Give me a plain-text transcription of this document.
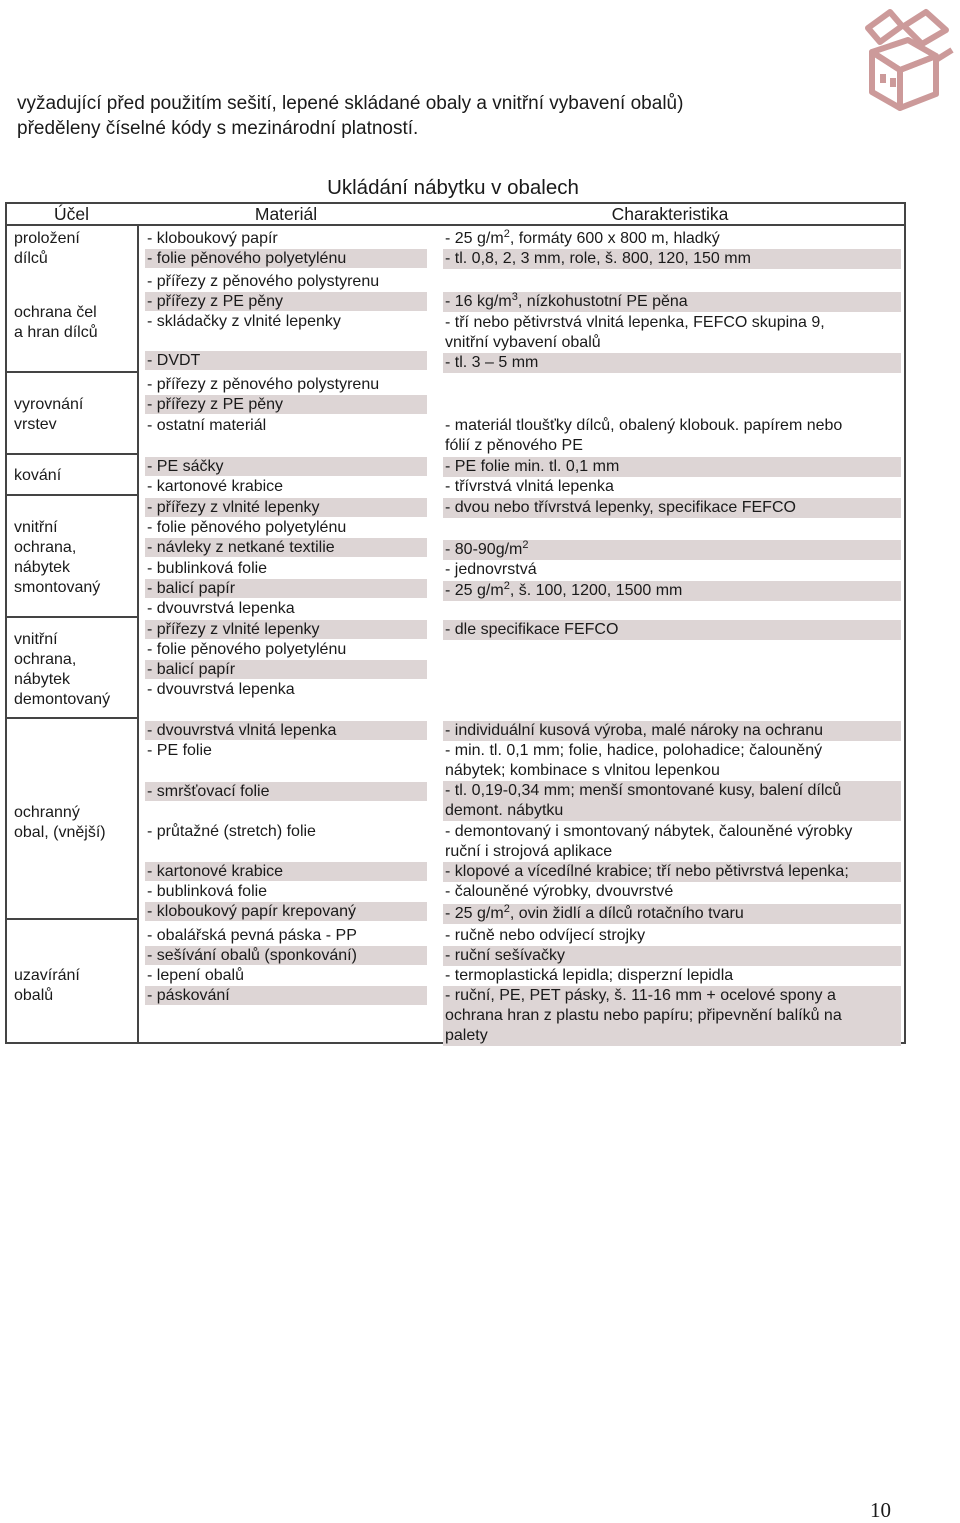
vyžadující před použitím sešití, lepené skládané obaly a vnitřní vybavení obalů)
předěleny číselné kódy s mezinárodní platností.
Ukládání nábytku v obalech
Účel	Materiál	Charakteristika
proložení
dílců
ochrana čel
a hran dílců
vyrovnání
vrstev
kování
vnitřní
ochrana,
nábytek
smontovaný
vnitřní
ochrana,
nábytek
demontovaný
ochranný
obal, (vnější)
uzavírání
obalů
- kloboukový papír
- folie pěnového polyetylénu
- přířezy z pěnového polystyrenu
- přířezy z PE pěny
- skládačky z vlnité lepenky
- DVDT
- přířezy z pěnového polystyrenu
- přířezy z PE pěny
- ostatní materiál
- PE sáčky
- kartonové krabice
- přířezy z vlnité lepenky
- folie pěnového polyetylénu
- návleky z netkané textilie
- bublinková folie
- balicí papír
- dvouvrstvá lepenka
- přířezy z vlnité lepenky
- folie pěnového polyetylénu
- balicí papír
- dvouvrstvá lepenka
- dvouvrstvá vlnitá lepenka
- PE folie
- smršťovací folie
- průtažné (stretch) folie
- kartonové krabice
- bublinková folie
- kloboukový papír krepovaný
- obalářská pevná páska - PP
- sešívání obalů (sponkování)
- lepení obalů
- páskování
- 25 $g/m^2$, formáty 600 x 800 m, hladký
- tl. 0,8, 2, 3 mm, role, š. 800, 120, 150 mm
- 16 $kg/m^3$, nízkohustotní PE pěna
- tří nebo pětivrstvá vlnitá lepenka, FEFCO skupina 9,
vnitřní vybavení obalů
- tl. 3 – 5 mm
- materiál tloušťky dílců, obalený klobouk. papírem nebo
fólií z pěnového PE
- PE folie min. tl. 0,1 mm
- třívrstvá vlnitá lepenka
- dvou nebo třívrstvá lepenky, specifikace FEFCO
- $80-90g/m^2$
- jednovrstvá
- 25 $g/m^2$, š. 100, 1200, 1500 mm
- dle specifikace FEFCO
- individuální kusová výroba, malé nároky na ochranu
- min. tl. 0,1 mm; folie, hadice, polohadice; čalouněný
nábytek; kombinace s vlnitou lepenkou
- tl. 0,19-0,34 mm; menší smontované kusy, balení dílců
demont. nábytku
- demontovaný i smontovaný nábytek, čalouněné výrobky
ruční i strojová aplikace
- klopové a vícedílné krabice; tří nebo pětivrstvá lepenka;
- čalouněné výrobky, dvouvrstvé
- 25 $g/m^2$, ovin židlí a dílců rotačního tvaru
- ručně nebo odvíjecí strojky
- ruční sešívačky
- termoplastická lepidla; disperzní lepidla
- ruční, PE, PET pásky, š. 11-16 mm + ocelové spony a
ochrana hran z plastu nebo papíru; připevnění balíků na
palety
10
